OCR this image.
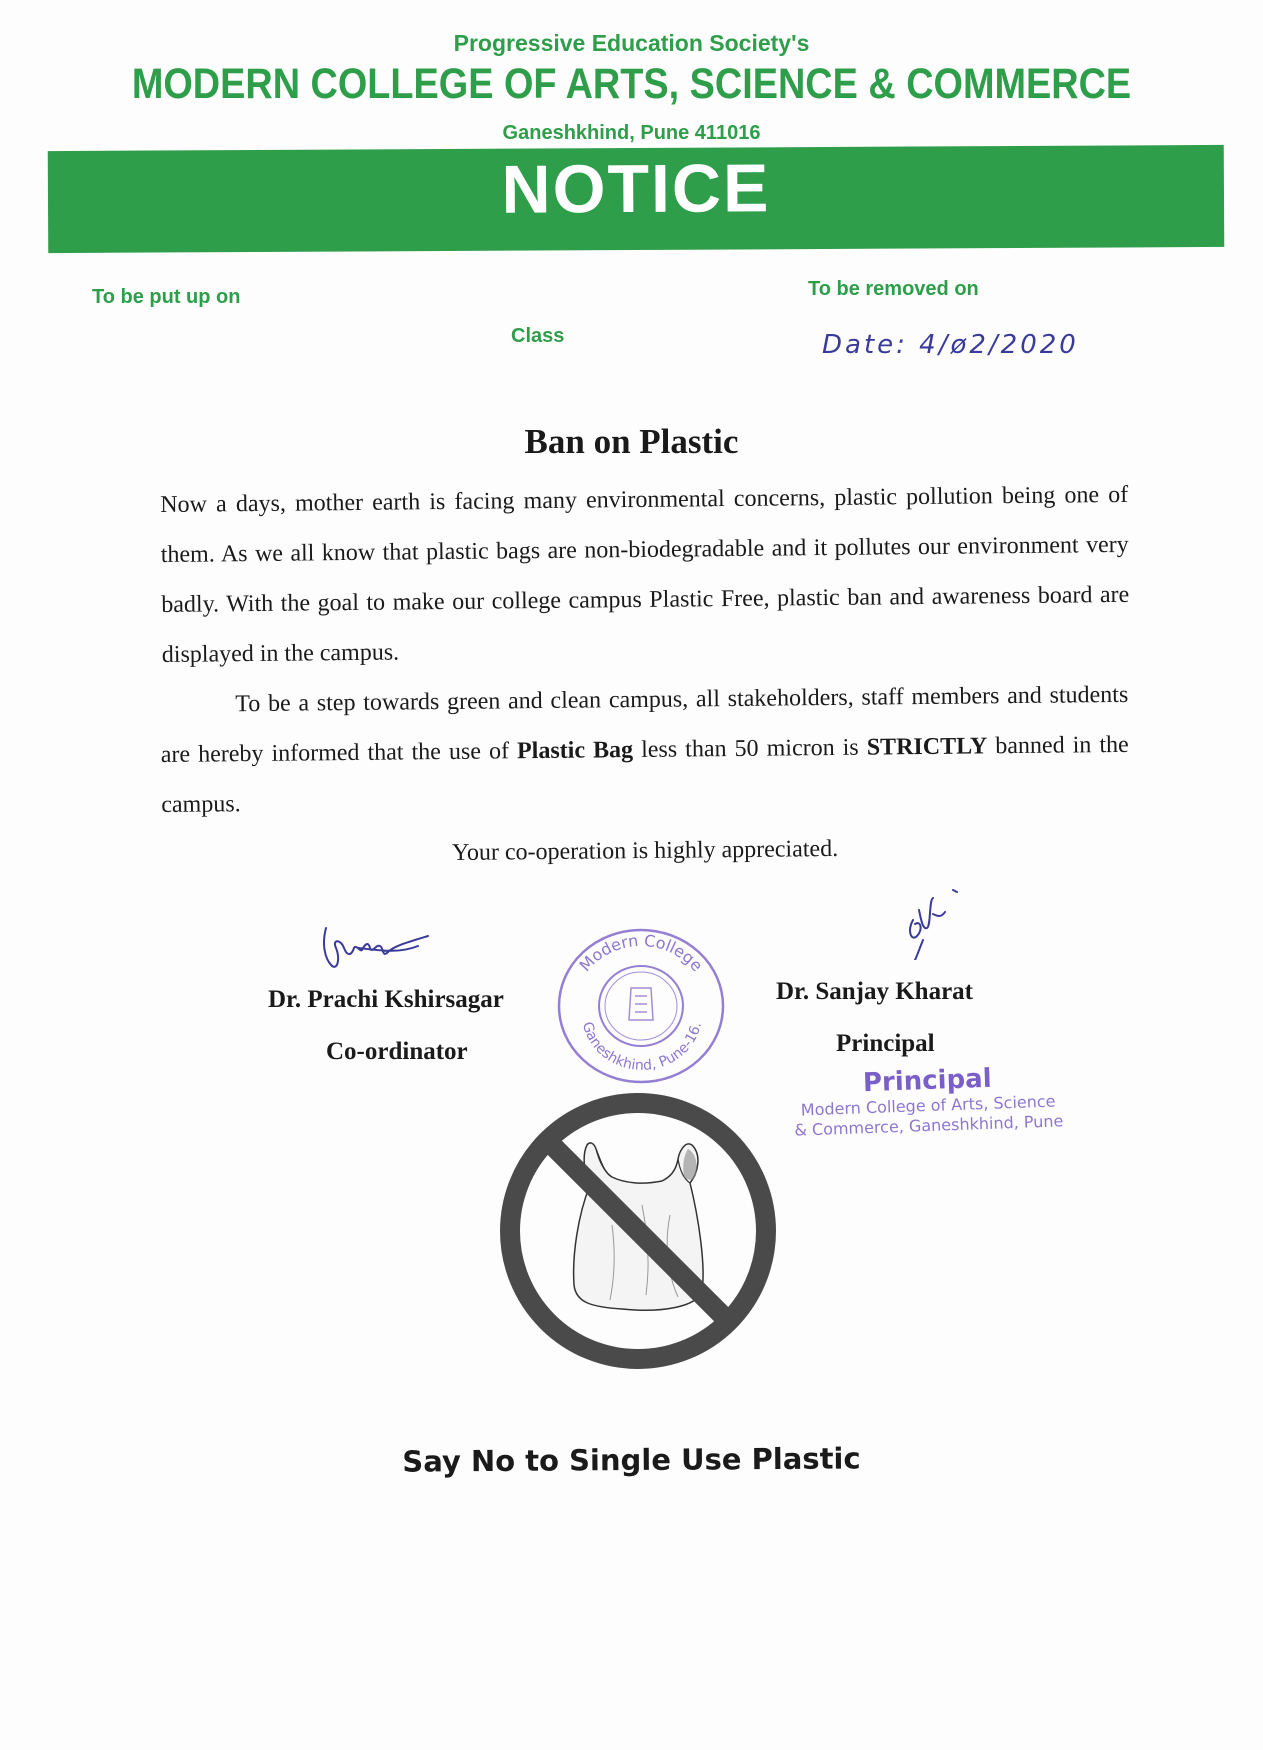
Progressive Education Society's
MODERN COLLEGE OF ARTS, SCIENCE & COMMERCE
Ganeshkhind, Pune 411016
NOTICE
To be put up on	To be removed on
Class	Date: 4/ø2/2020
Ban on Plastic
Now a days, mother earth is facing many environmental concerns, plastic pollution being one of them. As we all know that plastic bags are non-biodegradable and it pollutes our environment very badly. With the goal to make our college campus Plastic Free, plastic ban and awareness board are displayed in the campus.
To be a step towards green and clean campus, all stakeholders, staff members and students are hereby informed that the use of Plastic Bag less than 50 micron is STRICTLY banned in the campus.
Your co-operation is highly appreciated.
Dr. Prachi Kshirsagar
Co-ordinator
Dr. Sanjay Kharat
Principal
Modern College
Ganeshkhind, Pune-16.
Principal
Modern College of Arts, Science
& Commerce, Ganeshkhind, Pune
Say No to Single Use Plastic
